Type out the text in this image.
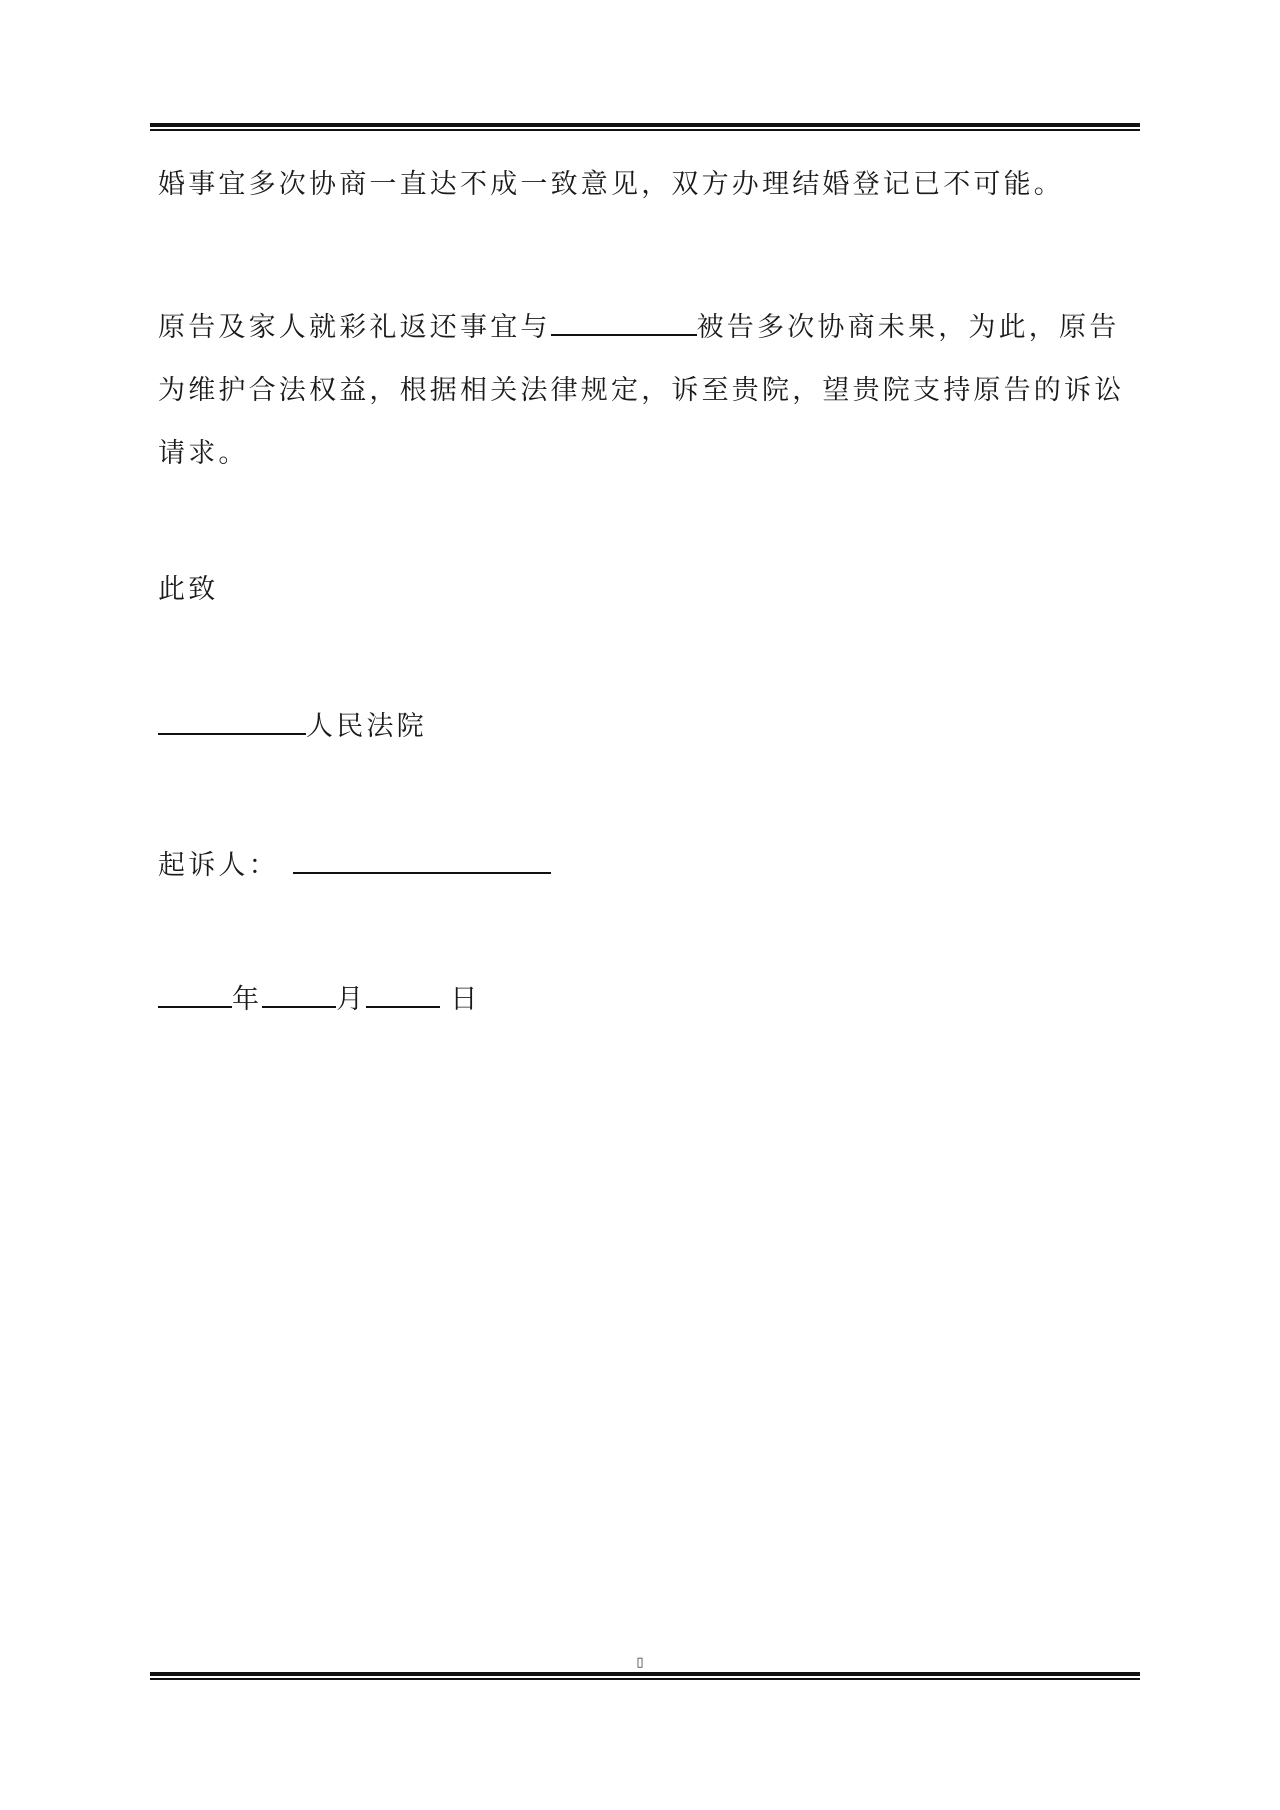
婚事宜多次协商一直达不成一致意见，双方办理结婚登记已不可能。
原告及家人就彩礼返还事宜与	被告多次协商未果，为此，原告
为维护合法权益，根据相关法律规定，诉至贵院，望贵院支持原告的诉讼
请求。
此致
人民法院
起诉人：
年	月	日
▯
